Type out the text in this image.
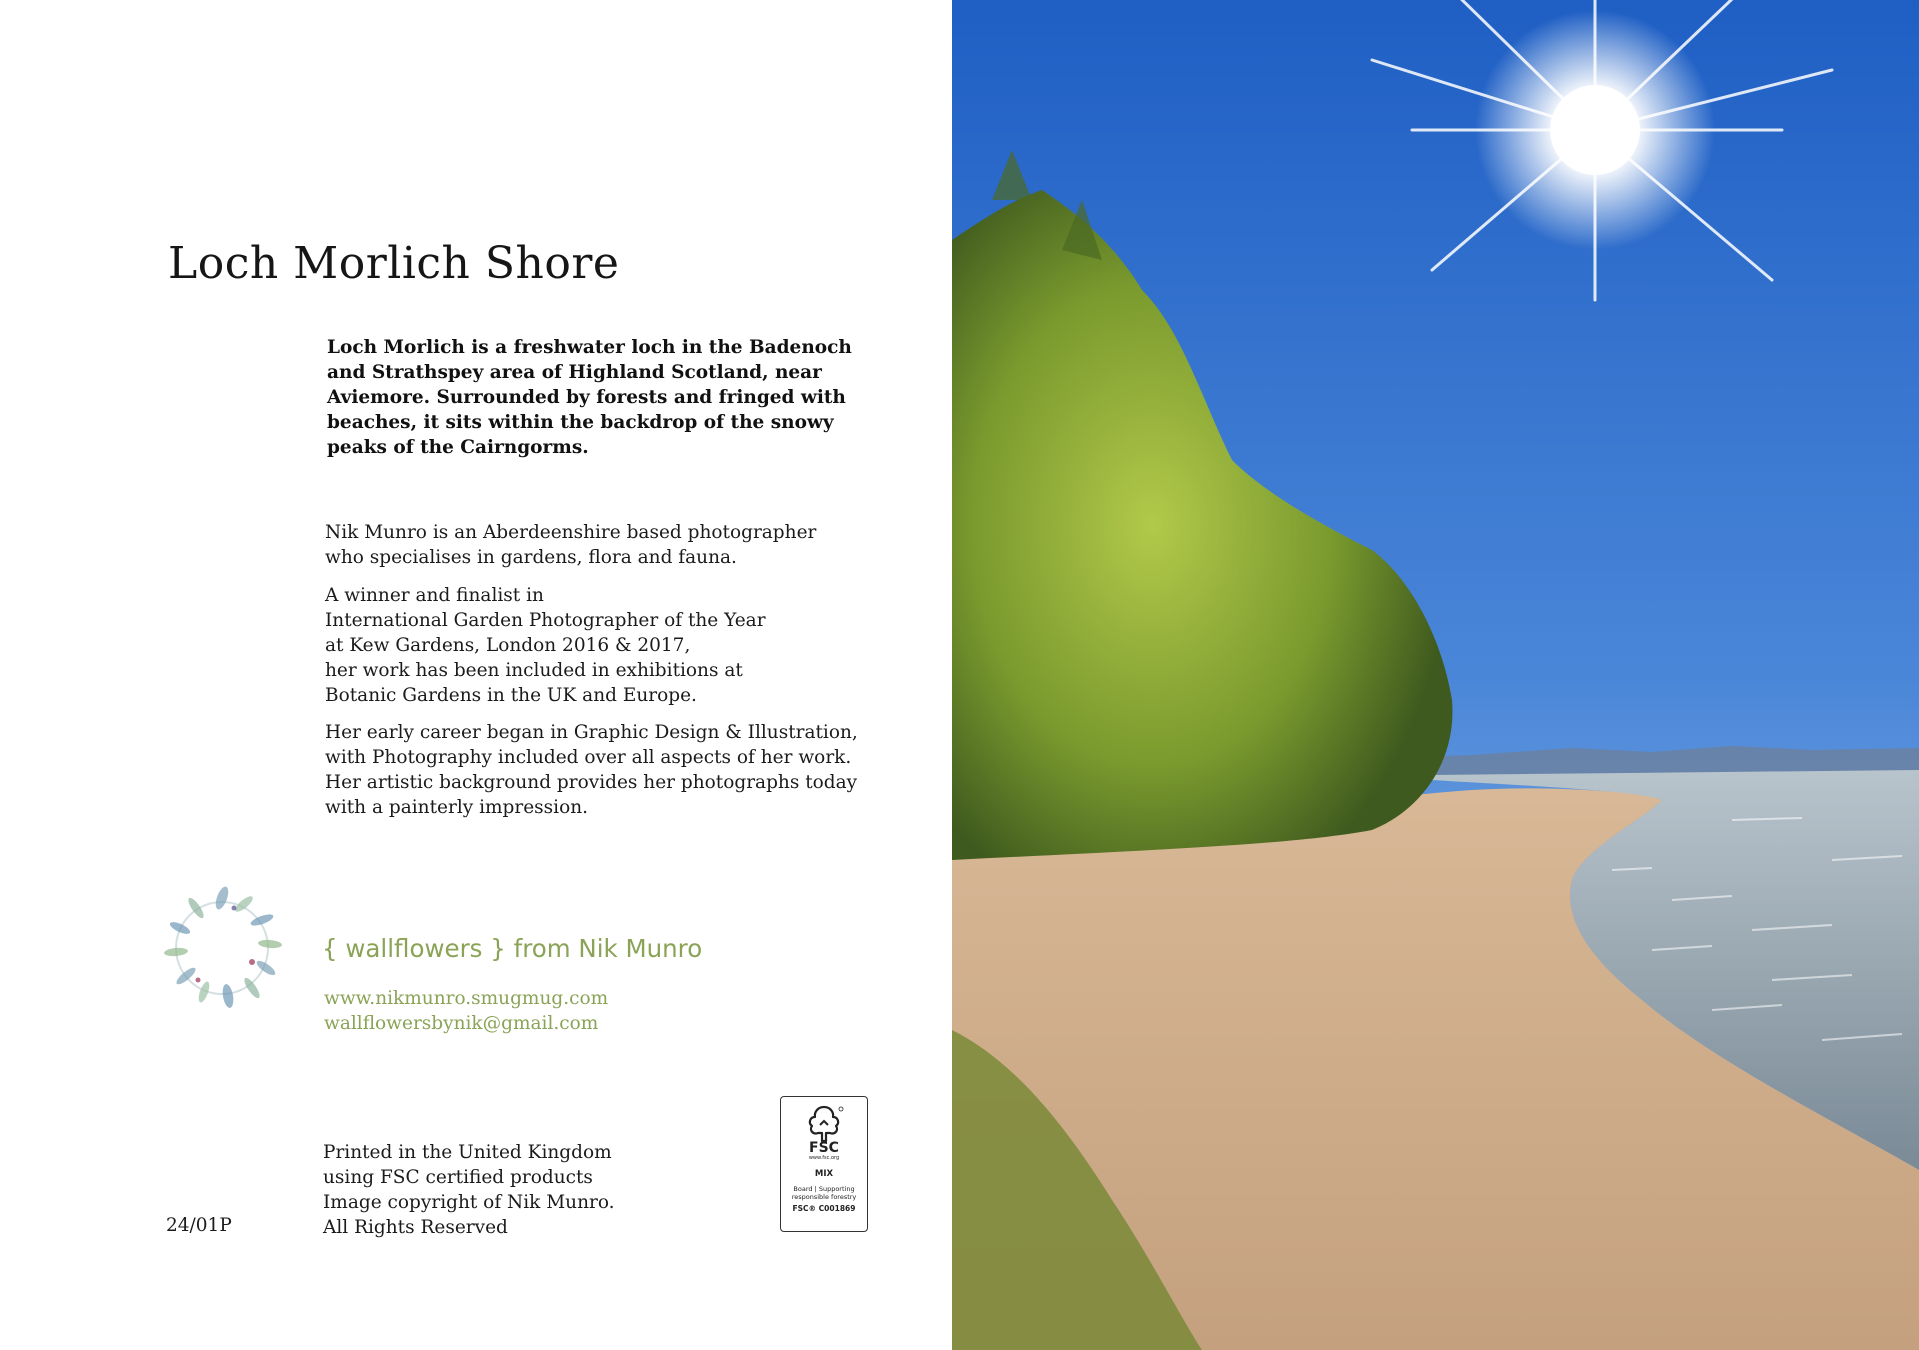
Loch Morlich Shore
Loch Morlich is a freshwater loch in the Badenoch
and Strathspey area of Highland Scotland, near
Aviemore. Surrounded by forests and fringed with
beaches, it sits within the backdrop of the snowy
peaks of the Cairngorms.
Nik Munro is an Aberdeenshire based photographer
who specialises in gardens, flora and fauna.
A winner and finalist in
International Garden Photographer of the Year
at Kew Gardens, London 2016 & 2017,
her work has been included in exhibitions at
Botanic Gardens in the UK and Europe.
Her early career began in Graphic Design & Illustration,
with Photography included over all aspects of her work.
Her artistic background provides her photographs today
with a painterly impression.
{ wallflowers } from Nik Munro
www.nikmunro.smugmug.com
wallflowersbynik@gmail.com
Printed in the United Kingdom
using FSC certified products
Image copyright of Nik Munro.
All Rights Reserved
24/01P
FSC
www.fsc.org
MIX
Board | Supporting responsible forestry
FSC® C001869
